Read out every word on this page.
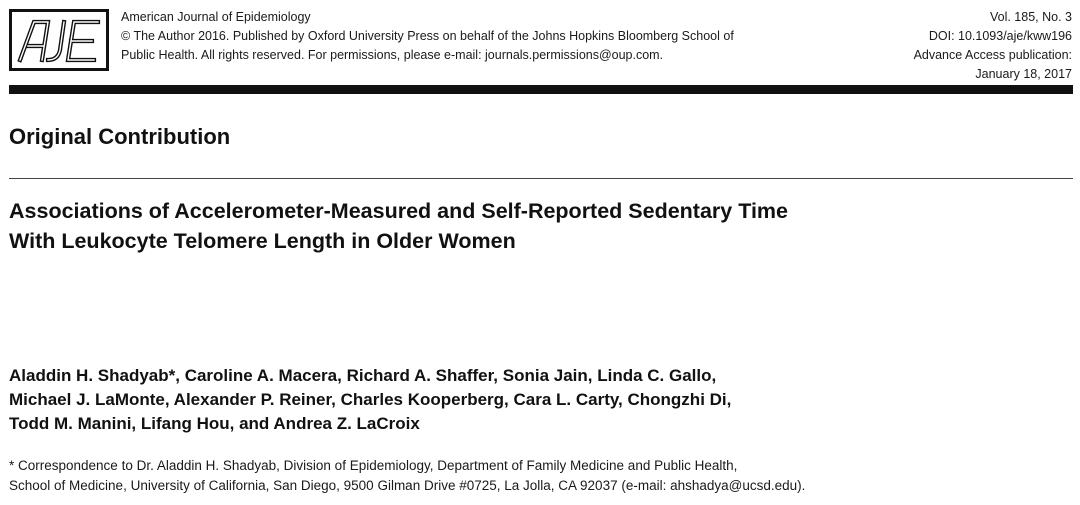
American Journal of Epidemiology
© The Author 2016. Published by Oxford University Press on behalf of the Johns Hopkins Bloomberg School of
Public Health. All rights reserved. For permissions, please e-mail: journals.permissions@oup.com.
Vol. 185, No. 3
DOI: 10.1093/aje/kww196
Advance Access publication:
January 18, 2017
Original Contribution
Associations of Accelerometer-Measured and Self-Reported Sedentary Time
With Leukocyte Telomere Length in Older Women
Aladdin H. Shadyab*, Caroline A. Macera, Richard A. Shaffer, Sonia Jain, Linda C. Gallo,
Michael J. LaMonte, Alexander P. Reiner, Charles Kooperberg, Cara L. Carty, Chongzhi Di,
Todd M. Manini, Lifang Hou, and Andrea Z. LaCroix
* Correspondence to Dr. Aladdin H. Shadyab, Division of Epidemiology, Department of Family Medicine and Public Health,
School of Medicine, University of California, San Diego, 9500 Gilman Drive #0725, La Jolla, CA 92037 (e-mail: ahshadya@ucsd.edu).
